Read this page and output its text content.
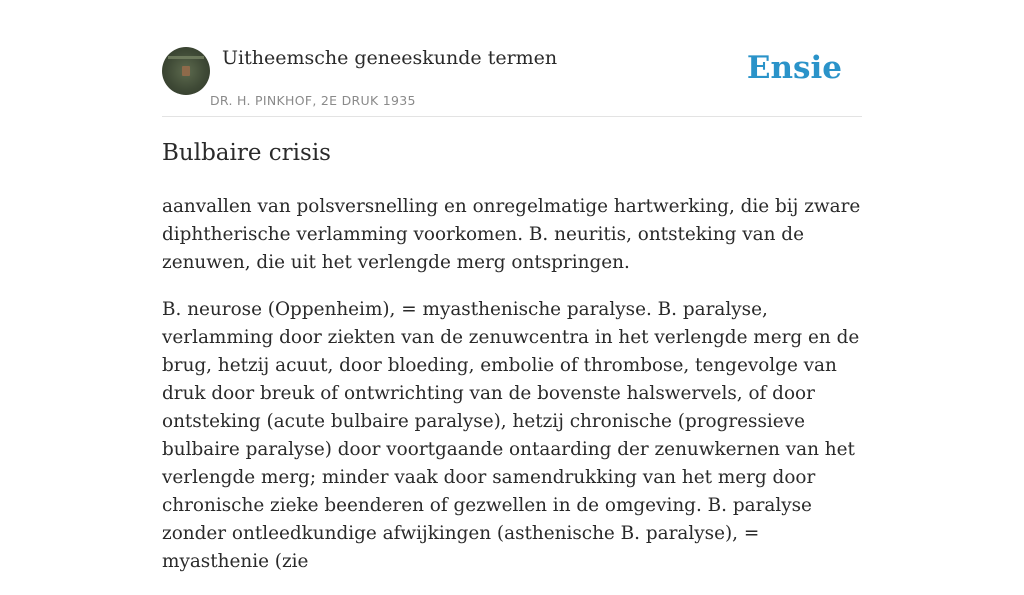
Uitheemsche geneeskunde termen
DR. H. PINKHOF, 2E DRUK 1935
Ensie
Bulbaire crisis

aanvallen van polsversnelling en onregelmatige hartwerking, die bij zware diphtherische verlamming voorkomen. B. neuritis, ontsteking van de zenuwen, die uit het verlengde merg ontspringen.

B. neurose (Oppenheim), = myasthenische paralyse. B. paralyse, verlamming door ziekten van de zenuwcentra in het verlengde merg en de brug, hetzij acuut, door bloeding, embolie of thrombose, tengevolge van druk door breuk of ontwrichting van de bovenste halswervels, of door ontsteking (acute bulbaire paralyse), hetzij chronische (progressieve bulbaire paralyse) door voortgaande ontaarding der zenuwkernen van het verlengde merg; minder vaak door samendrukking van het merg door chronische zieke beenderen of gezwellen in de omgeving. B. paralyse zonder ontleedkundige afwijkingen (asthenische B. paralyse), = myasthenie (zie
